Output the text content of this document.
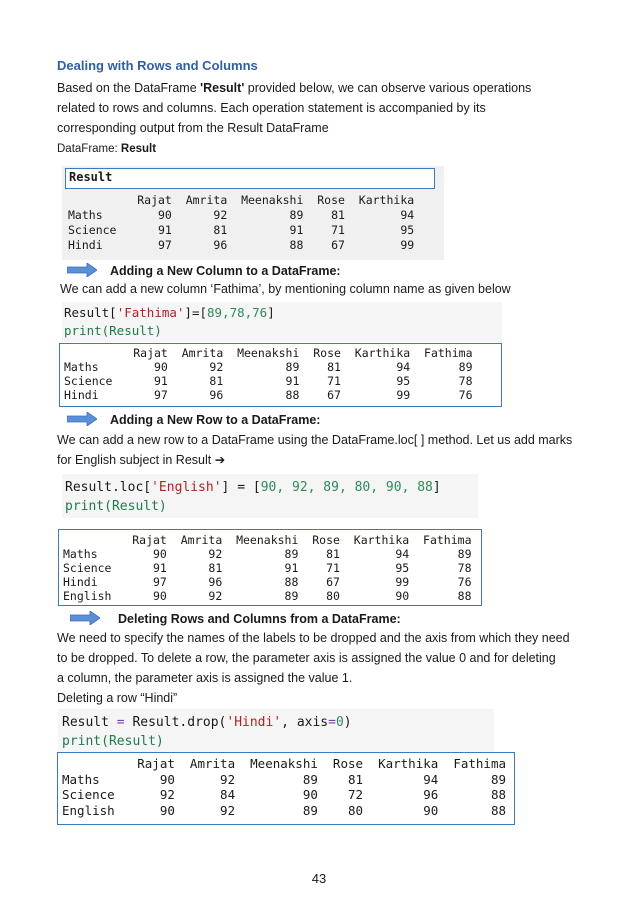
Dealing with Rows and Columns
Based on the DataFrame 'Result' provided below, we can observe various operations
related to rows and columns. Each operation statement is accompanied by its
corresponding output from the Result DataFrame
DataFrame: Result
Result
Rajat  Amrita  Meenakshi  Rose  Karthika
Maths        90      92         89    81        94
Science      91      81         91    71        95
Hindi        97      96         88    67        99
Adding a New Column to a DataFrame:
We can add a new column ‘Fathima’, by mentioning column name as given below
Result['Fathima']=[89,78,76]
print(Result)
Rajat  Amrita  Meenakshi  Rose  Karthika  Fathima
Maths        90      92         89    81        94       89
Science      91      81         91    71        95       78
Hindi        97      96         88    67        99       76
Adding a New Row to a DataFrame:
We can add a new row to a DataFrame using the DataFrame.loc[ ] method. Let us add marks
for English subject in Result ➔
Result.loc['English'] = [90, 92, 89, 80, 90, 88]
print(Result)
Rajat  Amrita  Meenakshi  Rose  Karthika  Fathima
Maths        90      92         89    81        94       89
Science      91      81         91    71        95       78
Hindi        97      96         88    67        99       76
English      90      92         89    80        90       88
Deleting Rows and Columns from a DataFrame:
We need to specify the names of the labels to be dropped and the axis from which they need
to be dropped. To delete a row, the parameter axis is assigned the value 0 and for deleting
a column, the parameter axis is assigned the value 1.
Deleting a row “Hindi”
Result = Result.drop('Hindi', axis=0)
print(Result)
Rajat  Amrita  Meenakshi  Rose  Karthika  Fathima
Maths        90      92         89    81        94       89
Science      92      84         90    72        96       88
English      90      92         89    80        90       88
43
